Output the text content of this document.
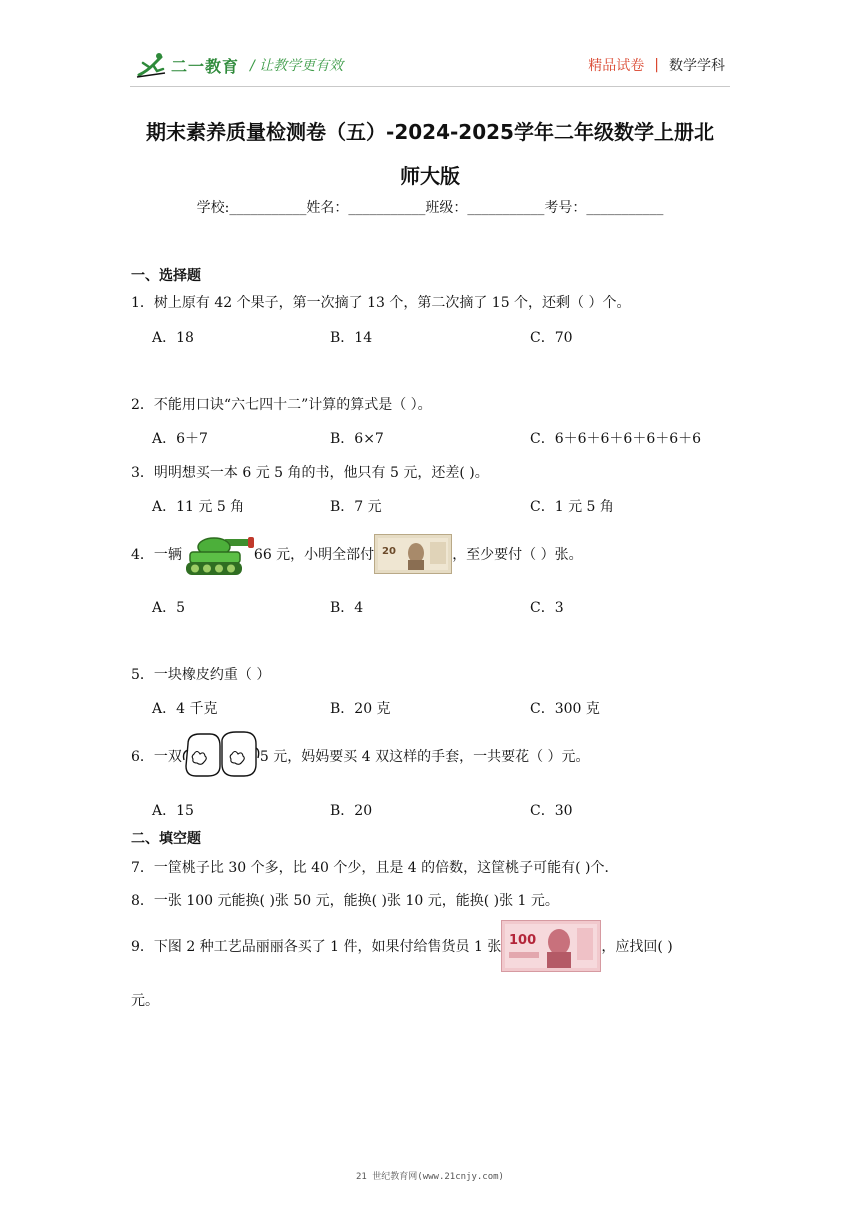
二一教育 / 让教学更有效	精品试卷 | 数学学科
期末素养质量检测卷（五）-2024-2025学年二年级数学上册北
师大版
学校:___________姓名：___________班级：___________考号：___________
一、选择题
1．树上原有 42 个果子，第一次摘了 13 个，第二次摘了 15 个，还剩（ ）个。
A．18	B．14	C．70
2．不能用口诀“六七四十二”计算的算式是（ ）。
A．6＋7	B．6×7	C．6＋6＋6＋6＋6＋6＋6
3．明明想买一本 6 元 5 角的书，他只有 5 元，还差( )。
A．11 元 5 角	B．7 元	C．1 元 5 角
4．一辆	66 元，小明全部付 20	，至少要付（ ）张。
A．5	B．4	C．3
5．一块橡皮约重（ ）
A．4 千克	B．20 克	C．300 克
6．一双	5 元，妈妈要买 4 双这样的手套，一共要花（ ）元。
A．15	B．20	C．30
二、填空题
7．一筐桃子比 30 个多，比 40 个少，且是 4 的倍数，这筐桃子可能有( )个．
8．一张 100 元能换( )张 50 元，能换( )张 10 元，能换( )张 1 元。
9．下图 2 种工艺品丽丽各买了 1 件，如果付给售货员 1 张 100	，应找回( )
元。
21 世纪教育网(www.21cnjy.com)
